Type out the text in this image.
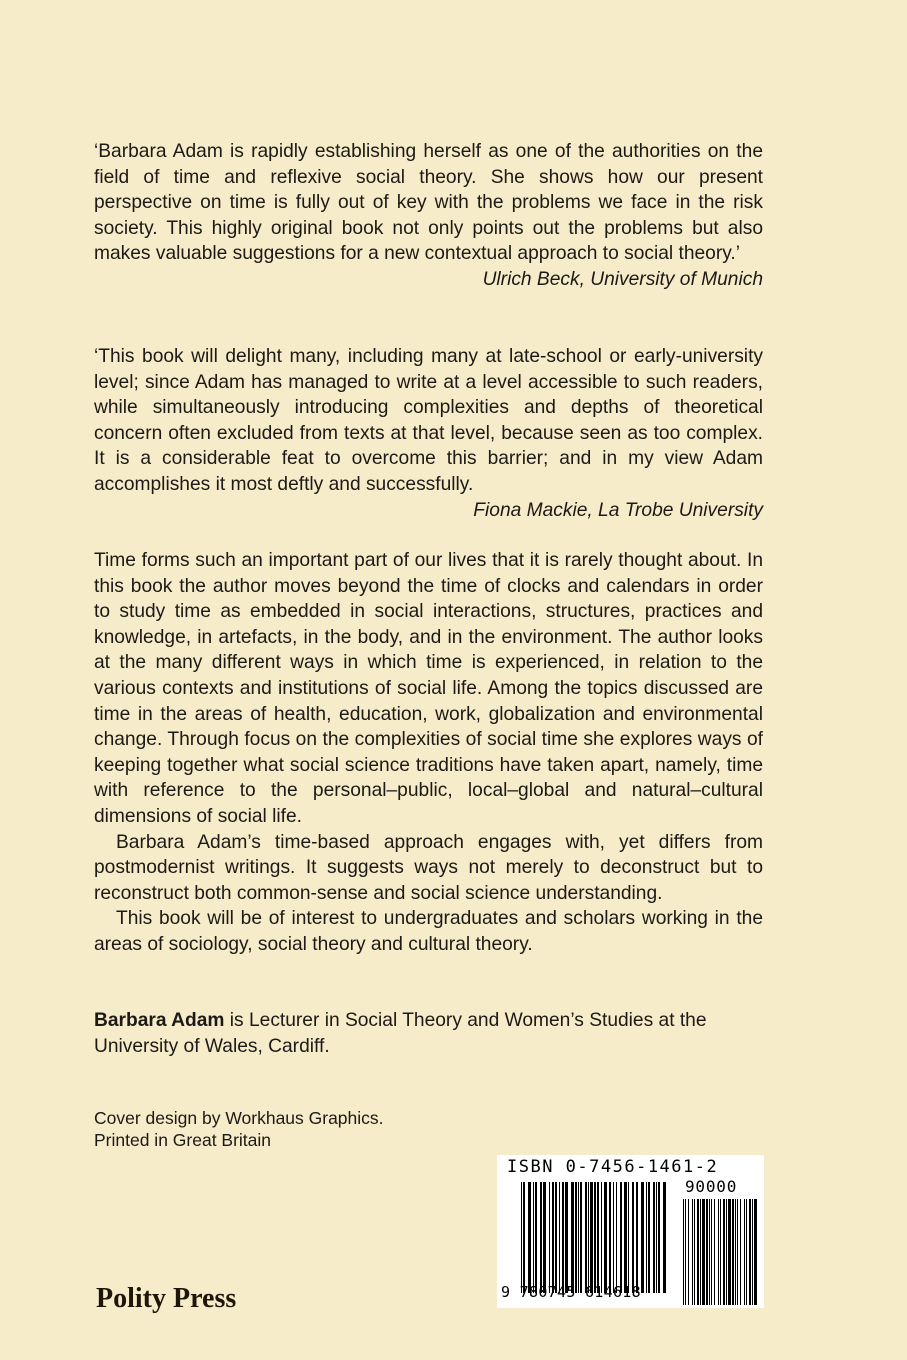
‘Barbara Adam is rapidly establishing herself as one of the authorities on the field of time and reflexive social theory. She shows how our present perspective on time is fully out of key with the problems we face in the risk society. This highly original book not only points out the problems but also makes valuable suggestions for a new contextual approach to social theory.’

Ulrich Beck, University of Munich

‘This book will delight many, including many at late-school or early-university level; since Adam has managed to write at a level accessible to such readers, while simultaneously introducing complexities and depths of theoretical concern often excluded from texts at that level, because seen as too complex. It is a considerable feat to overcome this barrier; and in my view Adam accomplishes it most deftly and successfully.

Fiona Mackie, La Trobe University

Time forms such an important part of our lives that it is rarely thought about. In this book the author moves beyond the time of clocks and calendars in order to study time as embedded in social interactions, structures, practices and knowledge, in artefacts, in the body, and in the environment. The author looks at the many different ways in which time is experienced, in relation to the various contexts and institutions of social life. Among the topics discussed are time in the areas of health, education, work, globalization and environmental change. Through focus on the complexities of social time she explores ways of keeping together what social science traditions have taken apart, namely, time with reference to the personal–public, local–global and natural–cultural dimensions of social life.

Barbara Adam’s time-based approach engages with, yet differs from postmodernist writings. It suggests ways not merely to deconstruct but to reconstruct both common-sense and social science understanding.

This book will be of interest to undergraduates and scholars working in the areas of sociology, social theory and cultural theory.

Barbara Adam is Lecturer in Social Theory and Women’s Studies at the University of Wales, Cardiff.

Cover design by Workhaus Graphics.
Printed in Great Britain
Polity Press
ISBN 0-7456-1461-2
90000
9 780745 614618
